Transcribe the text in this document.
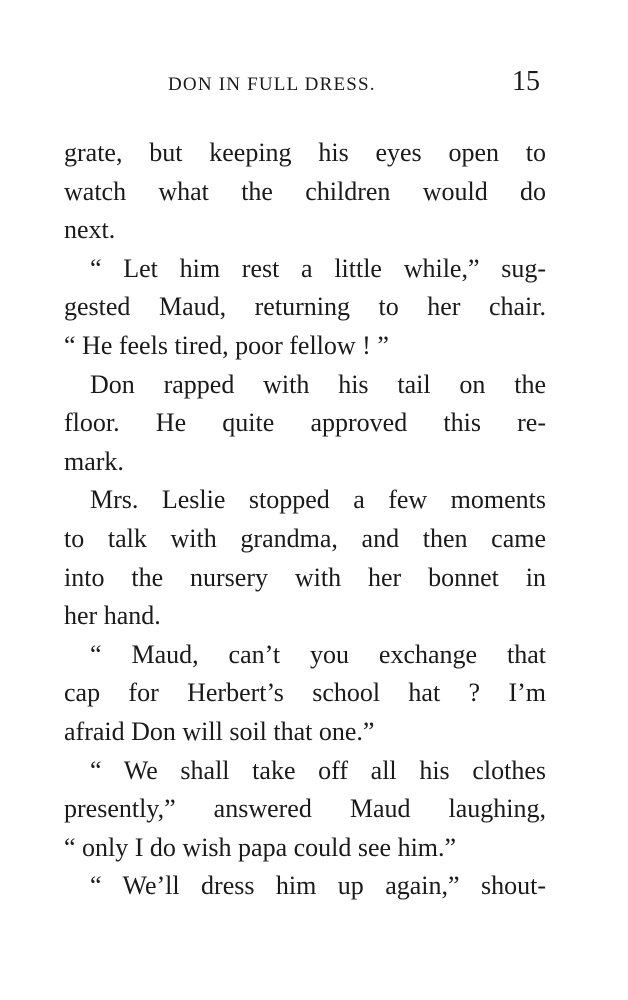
DON IN FULL DRESS.	15
grate, but keeping his eyes open to
watch what the children would do
next.
“ Let him rest a little while,” sug-
gested Maud, returning to her chair.
“ He feels tired, poor fellow ! ”
Don rapped with his tail on the
floor. He quite approved this re-
mark.
Mrs. Leslie stopped a few moments
to talk with grandma, and then came
into the nursery with her bonnet in
her hand.
“ Maud, can’t you exchange that
cap for Herbert’s school hat ? I’m
afraid Don will soil that one.”
“ We shall take off all his clothes
presently,” answered Maud laughing,
“ only I do wish papa could see him.”
“ We’ll dress him up again,” shout-
